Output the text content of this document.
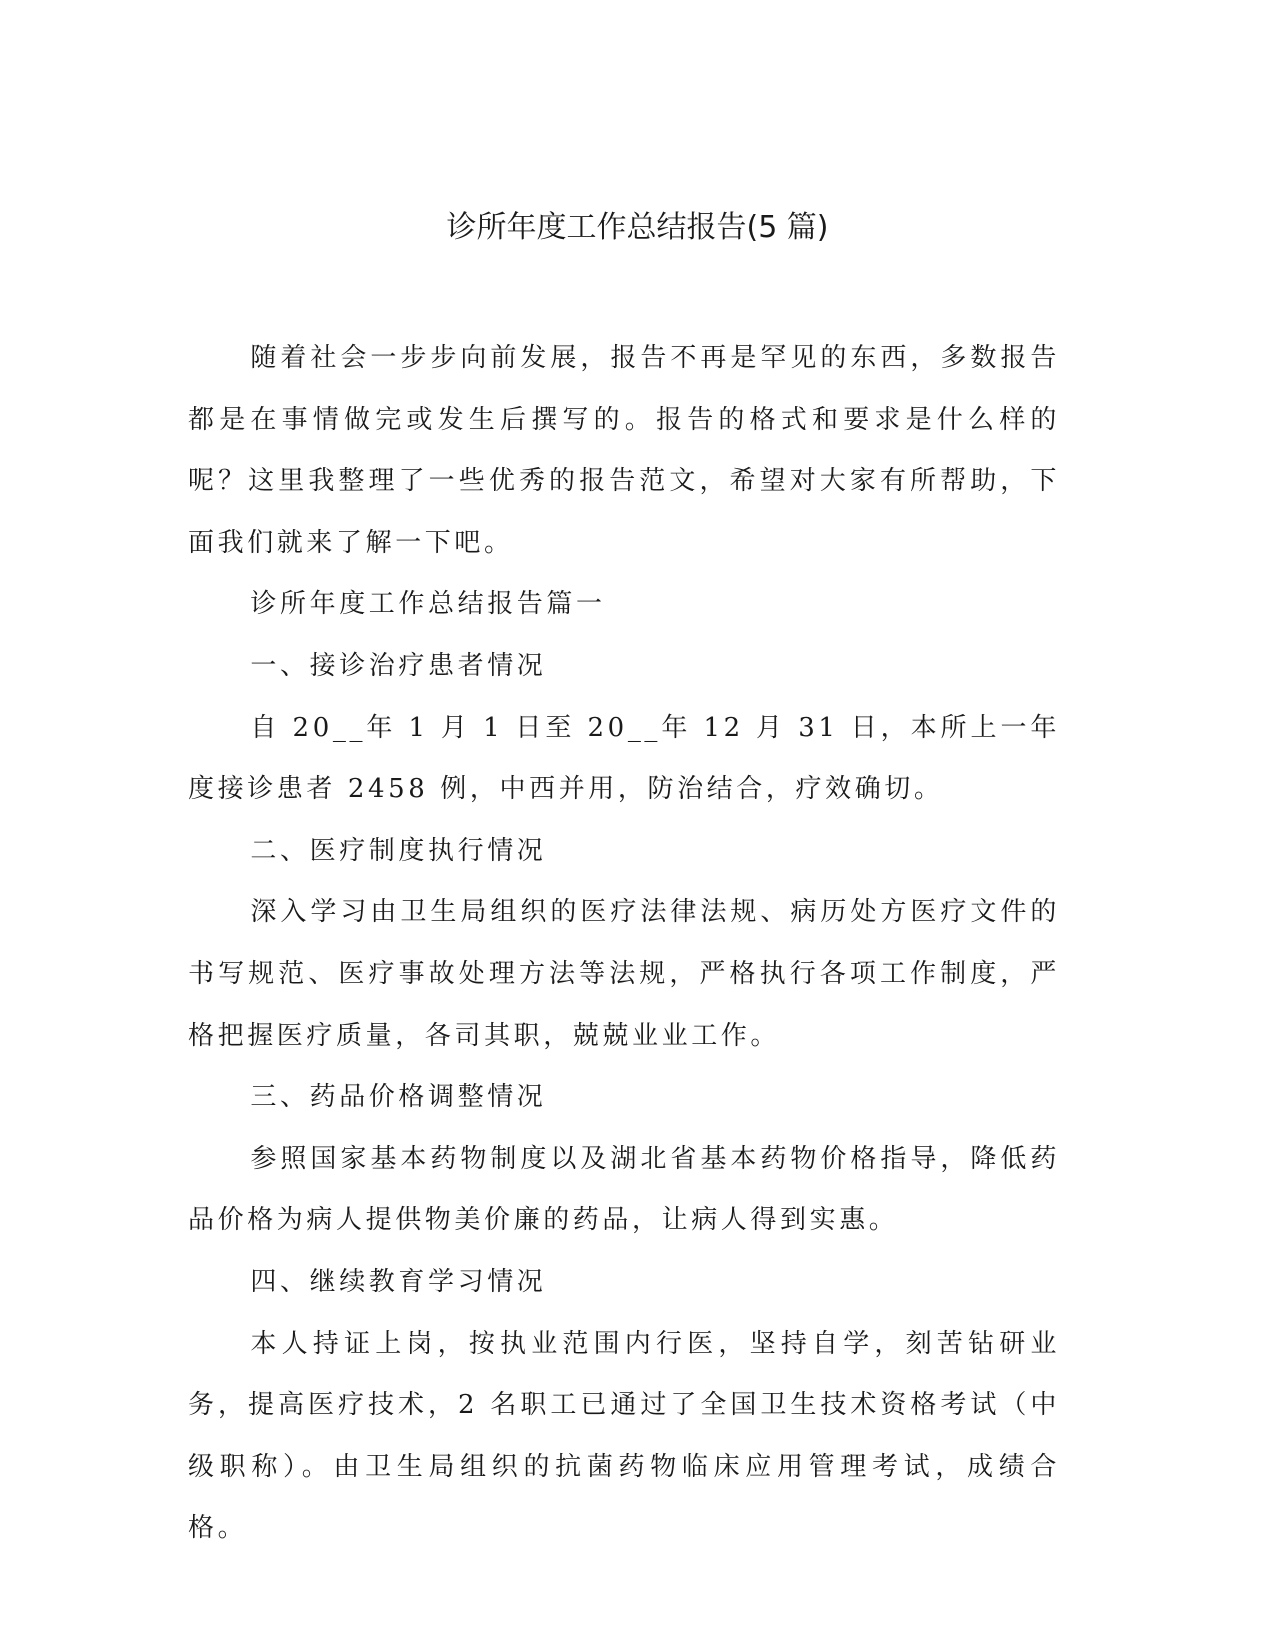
诊所年度工作总结报告(5 篇)

随着社会一步步向前发展，报告不再是罕见的东西，多数报告都是在事情做完或发生后撰写的。报告的格式和要求是什么样的呢？这里我整理了一些优秀的报告范文，希望对大家有所帮助，下面我们就来了解一下吧。

诊所年度工作总结报告篇一

一、接诊治疗患者情况

自 20__年 1 月 1 日至 20__年 12 月 31 日，本所上一年度接诊患者 2458 例，中西并用，防治结合，疗效确切。

二、医疗制度执行情况

深入学习由卫生局组织的医疗法律法规、病历处方医疗文件的书写规范、医疗事故处理方法等法规，严格执行各项工作制度，严格把握医疗质量，各司其职，兢兢业业工作。

三、药品价格调整情况

参照国家基本药物制度以及湖北省基本药物价格指导，降低药品价格为病人提供物美价廉的药品，让病人得到实惠。

四、继续教育学习情况

本人持证上岗，按执业范围内行医，坚持自学，刻苦钻研业务，提高医疗技术，2 名职工已通过了全国卫生技术资格考试（中级职称）。由卫生局组织的抗菌药物临床应用管理考试，成绩合格。
